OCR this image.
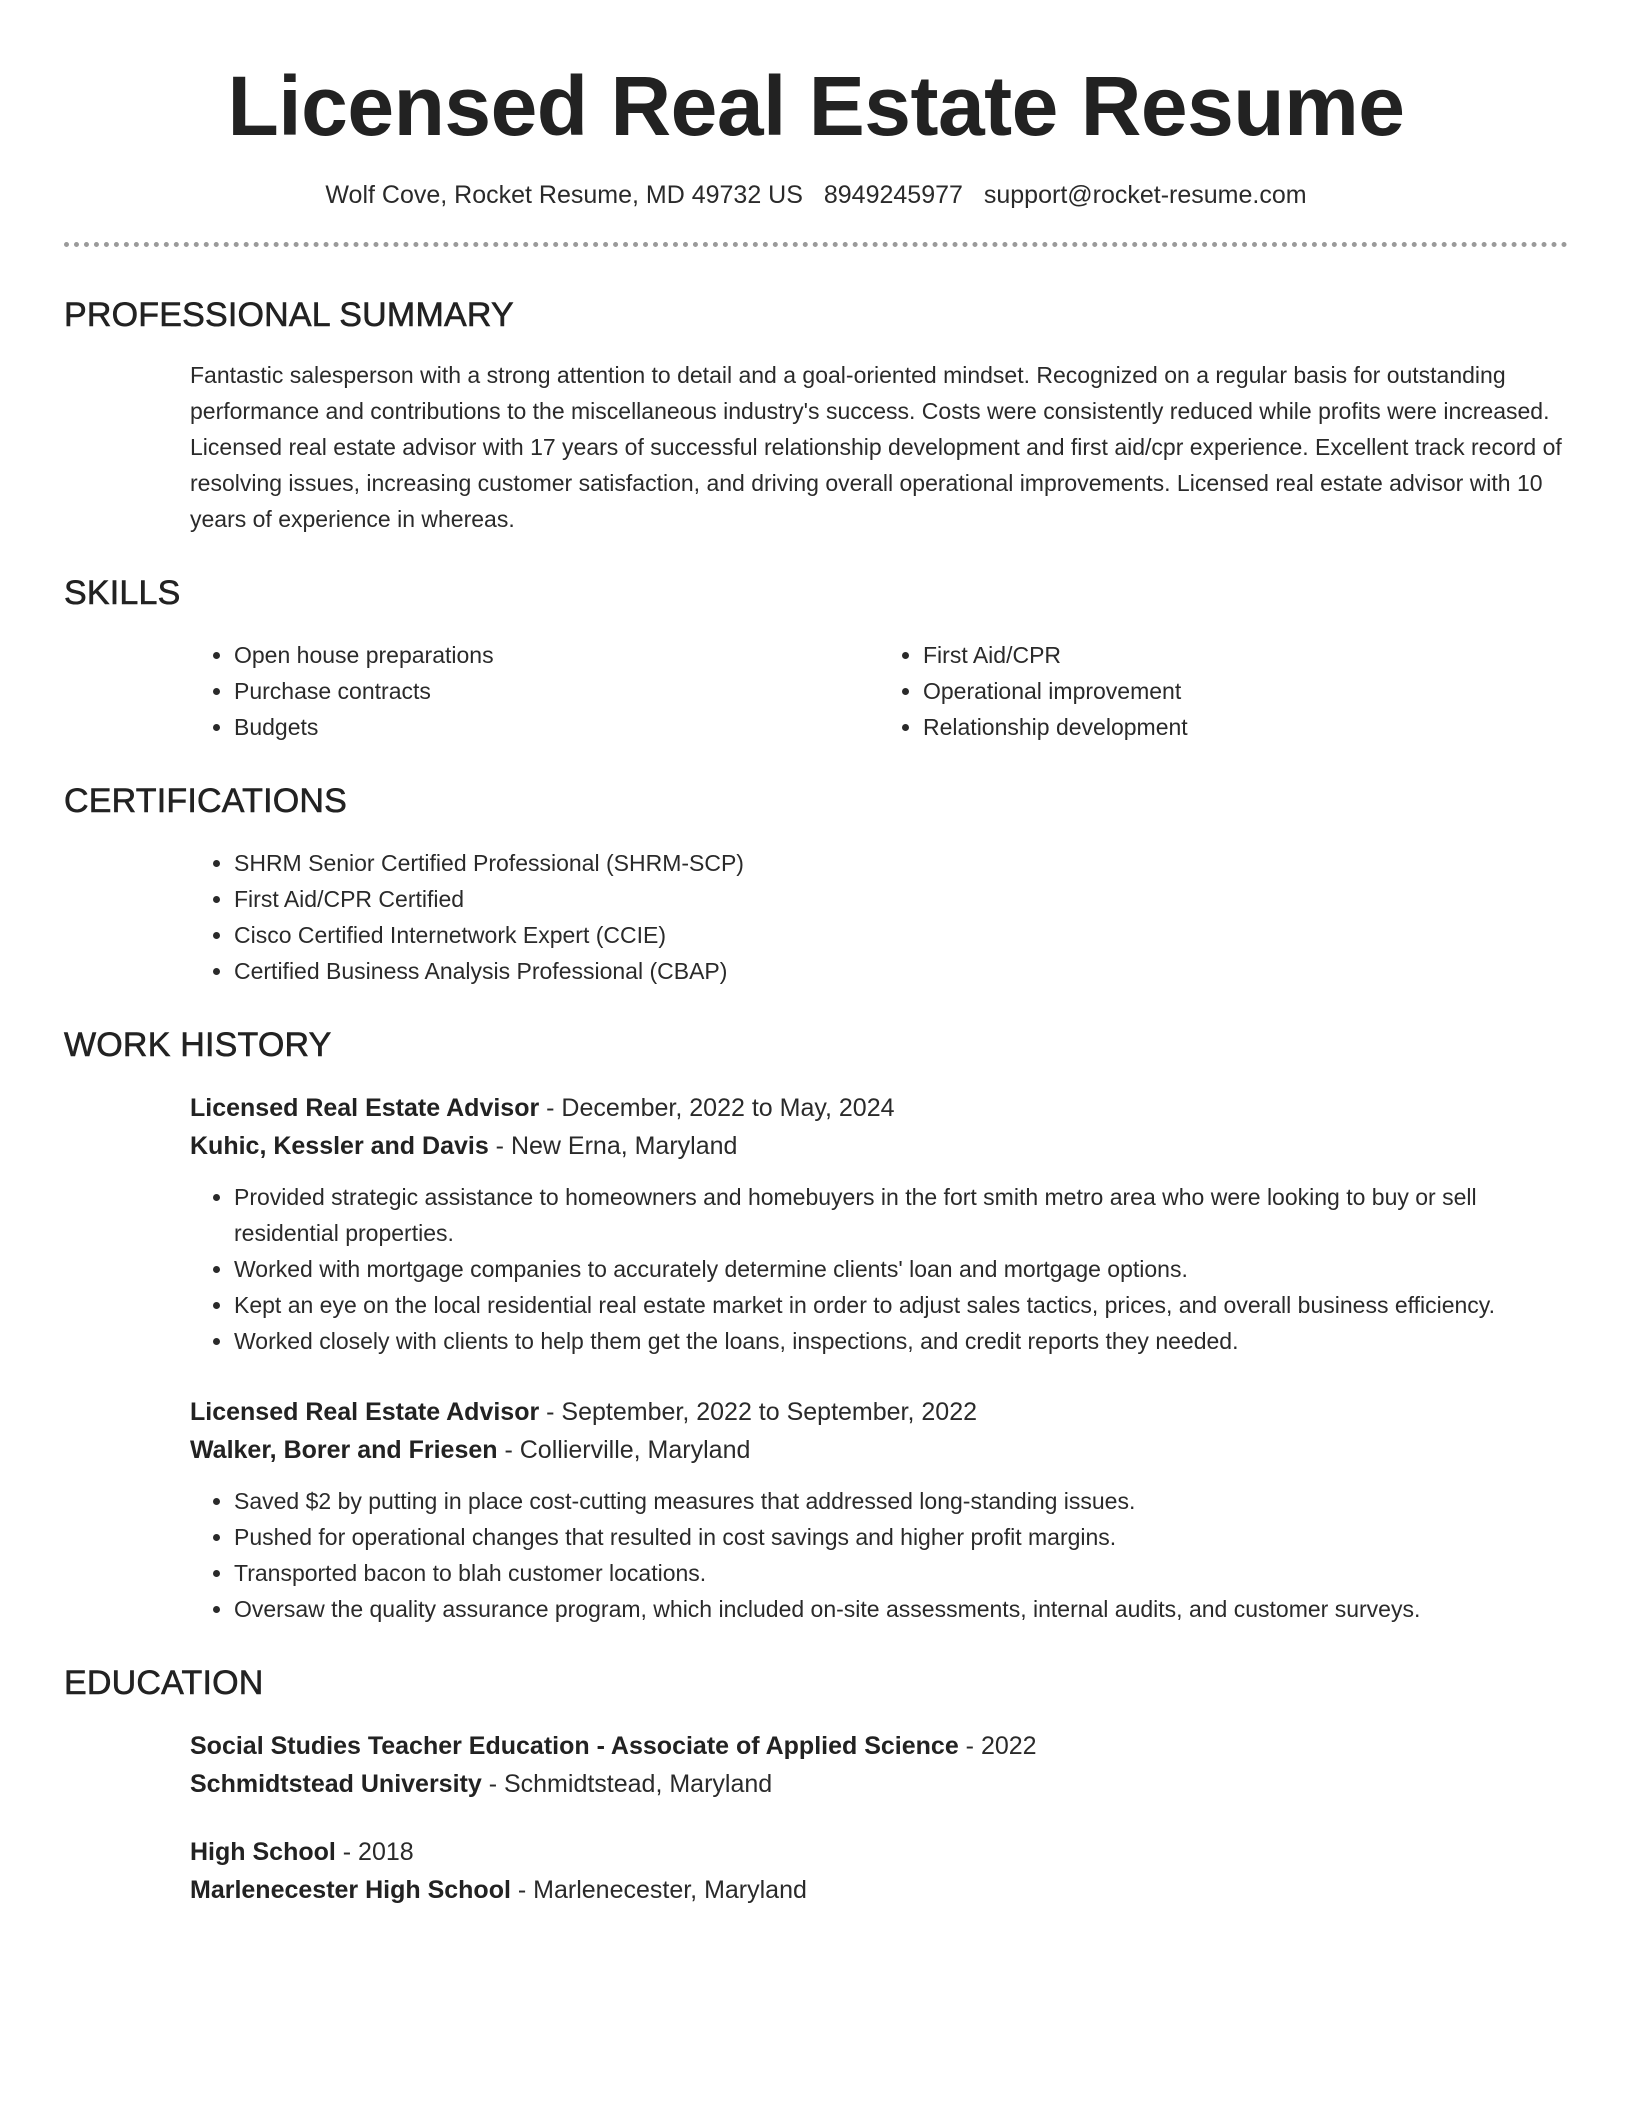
Licensed Real Estate Resume
Wolf Cove, Rocket Resume, MD 49732 US 8949245977 support@rocket-resume.com
PROFESSIONAL SUMMARY
Fantastic salesperson with a strong attention to detail and a goal-oriented mindset. Recognized on a regular basis for outstanding performance and contributions to the miscellaneous industry's success. Costs were consistently reduced while profits were increased. Licensed real estate advisor with 17 years of successful relationship development and first aid/cpr experience. Excellent track record of resolving issues, increasing customer satisfaction, and driving overall operational improvements. Licensed real estate advisor with 10 years of experience in whereas.
SKILLS
• Open house preparations
• Purchase contracts
• Budgets
• First Aid/CPR
• Operational improvement
• Relationship development
CERTIFICATIONS
• SHRM Senior Certified Professional (SHRM-SCP)
• First Aid/CPR Certified
• Cisco Certified Internetwork Expert (CCIE)
• Certified Business Analysis Professional (CBAP)
WORK HISTORY
Licensed Real Estate Advisor - December, 2022 to May, 2024
Kuhic, Kessler and Davis - New Erna, Maryland
• Provided strategic assistance to homeowners and homebuyers in the fort smith metro area who were looking to buy or sell residential properties.
• Worked with mortgage companies to accurately determine clients' loan and mortgage options.
• Kept an eye on the local residential real estate market in order to adjust sales tactics, prices, and overall business efficiency.
• Worked closely with clients to help them get the loans, inspections, and credit reports they needed.
Licensed Real Estate Advisor - September, 2022 to September, 2022
Walker, Borer and Friesen - Collierville, Maryland
• Saved $2 by putting in place cost-cutting measures that addressed long-standing issues.
• Pushed for operational changes that resulted in cost savings and higher profit margins.
• Transported bacon to blah customer locations.
• Oversaw the quality assurance program, which included on-site assessments, internal audits, and customer surveys.
EDUCATION
Social Studies Teacher Education - Associate of Applied Science - 2022
Schmidtstead University - Schmidtstead, Maryland
High School - 2018
Marlenecester High School - Marlenecester, Maryland
